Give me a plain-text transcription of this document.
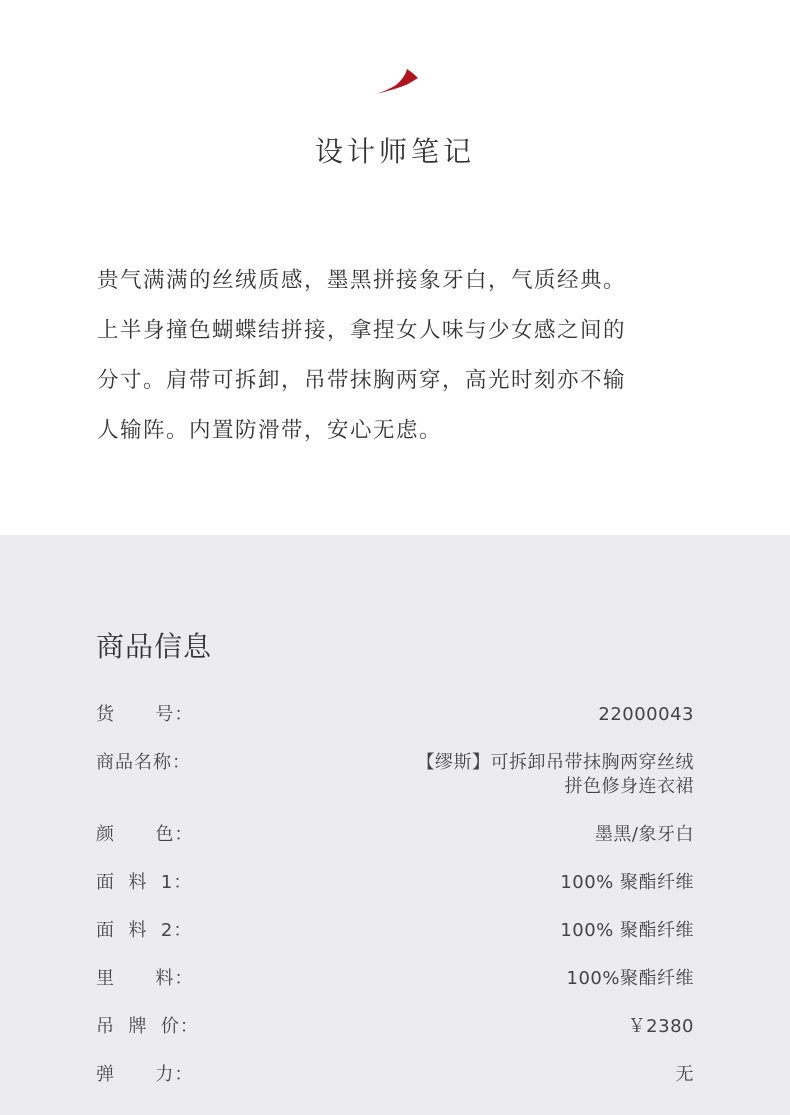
设计师笔记

贵气满满的丝绒质感，墨黑拼接象牙白，气质经典。
上半身撞色蝴蝶结拼接，拿捏女人味与少女感之间的
分寸。肩带可拆卸，吊带抹胸两穿，高光时刻亦不输
人输阵。内置防滑带，安心无虑。

商品信息
货      号：	22000043
商品名称：	【缪斯】可拆卸吊带抹胸两穿丝绒
拼色修身连衣裙
颜      色：	墨黑/象牙白
面  料  1：	100% 聚酯纤维
面  料  2：	100% 聚酯纤维
里      料：	100%聚酯纤维
吊  牌  价：	￥2380
弹      力：	无
